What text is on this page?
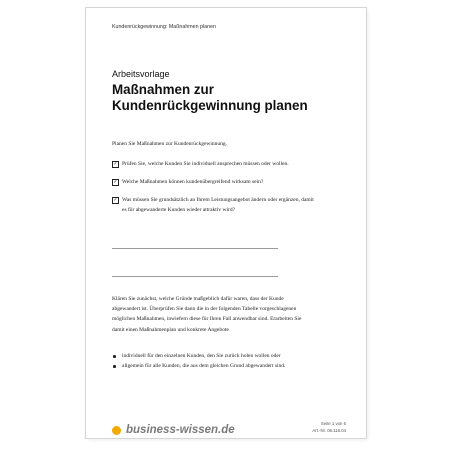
Kundenrückgewinnung: Maßnahmen planen
Arbeitsvorlage
Maßnahmen zur Kundenrückgewinnung planen
Planen Sie Maßnahmen zur Kundenrückgewinnung.
✓ Prüfen Sie, welche Kunden Sie individuell ansprechen müssen oder wollen.
✓ Welche Maßnahmen können kundenübergreifend wirksam sein?
✓ Was müssen Sie grundsätzlich an Ihrem Leistungsangebot ändern oder ergänzen, damit es für abgewanderte Kunden wieder attraktiv wird?

Klären Sie zunächst, welche Gründe maßgeblich dafür waren, dass der Kunde abgewandert ist. Überprüfen Sie dann die in der folgenden Tabelle vorgeschlagenen möglichen Maßnahmen, inwiefern diese für Ihren Fall anwendbar sind. Erarbeiten Sie damit einen Maßnahmenplan und konkrete Angebote

individuell für den einzelnen Kunden, den Sie zurück holen wollen oder
allgemein für alle Kunden, die aus dem gleichen Grund abgewandert sind.
business-wissen.de
Seite 1 von 6
Art.-Nr. 06.116.04
